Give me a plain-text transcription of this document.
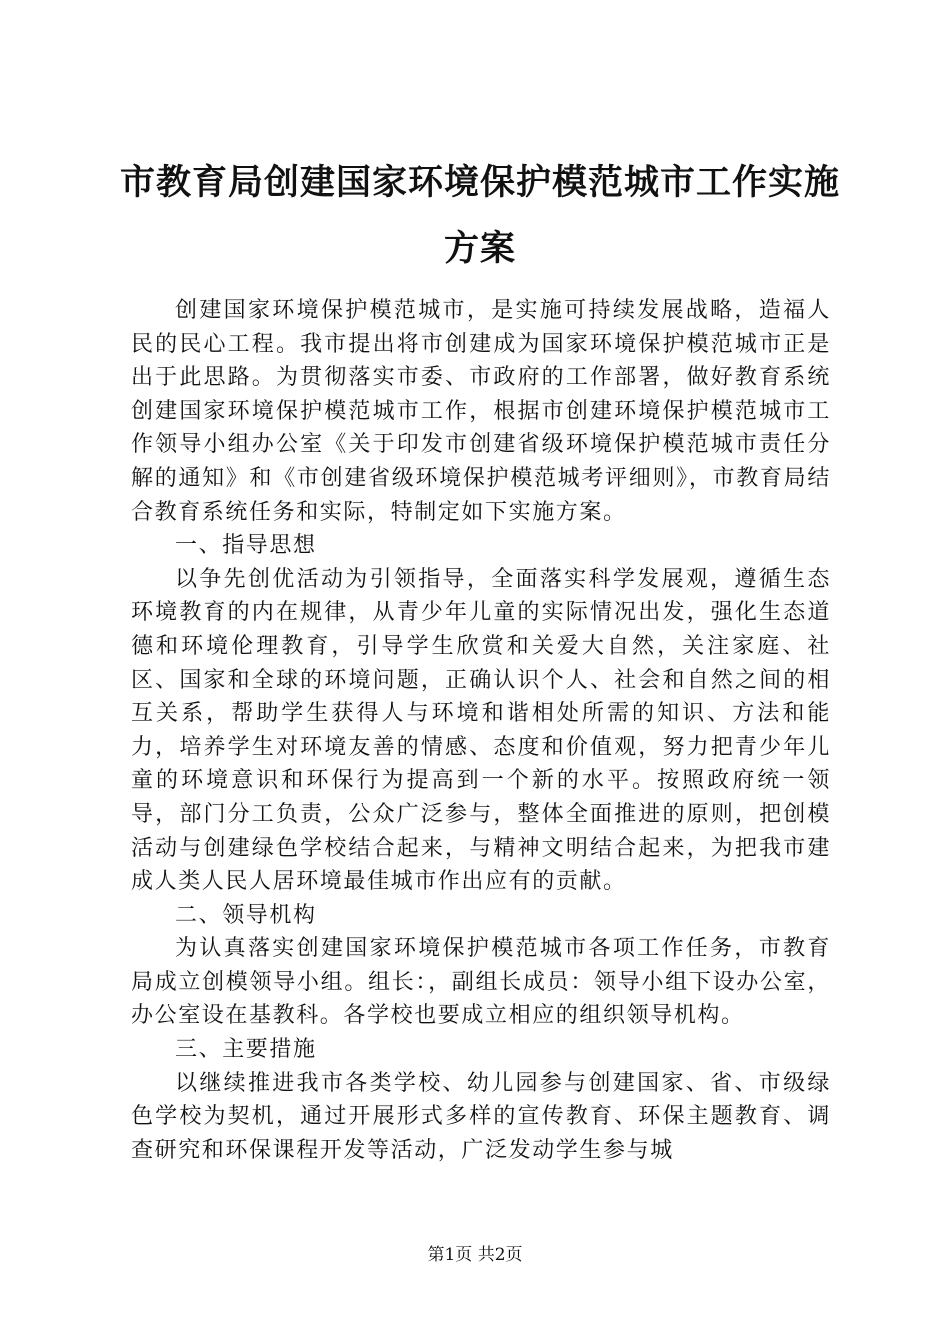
市教育局创建国家环境保护模范城市工作实施
方案

创建国家环境保护模范城市，是实施可持续发展战略，造福人民的民心工程。我市提出将市创建成为国家环境保护模范城市正是出于此思路。为贯彻落实市委、市政府的工作部署，做好教育系统创建国家环境保护模范城市工作，根据市创建环境保护模范城市工作领导小组办公室《关于印发市创建省级环境保护模范城市责任分解的通知》和《市创建省级环境保护模范城考评细则》，市教育局结合教育系统任务和实际，特制定如下实施方案。

一、指导思想

以争先创优活动为引领指导，全面落实科学发展观，遵循生态环境教育的内在规律，从青少年儿童的实际情况出发，强化生态道德和环境伦理教育，引导学生欣赏和关爱大自然，关注家庭、社区、国家和全球的环境问题，正确认识个人、社会和自然之间的相互关系，帮助学生获得人与环境和谐相处所需的知识、方法和能力，培养学生对环境友善的情感、态度和价值观，努力把青少年儿童的环境意识和环保行为提高到一个新的水平。按照政府统一领导，部门分工负责，公众广泛参与，整体全面推进的原则，把创模活动与创建绿色学校结合起来，与精神文明结合起来，为把我市建成人类人民人居环境最佳城市作出应有的贡献。

二、领导机构

为认真落实创建国家环境保护模范城市各项工作任务，市教育局成立创模领导小组。组长：，副组长成员：领导小组下设办公室，办公室设在基教科。各学校也要成立相应的组织领导机构。

三、主要措施

以继续推进我市各类学校、幼儿园参与创建国家、省、市级绿色学校为契机，通过开展形式多样的宣传教育、环保主题教育、调查研究和环保课程开发等活动，广泛发动学生参与城

第1页 共2页
